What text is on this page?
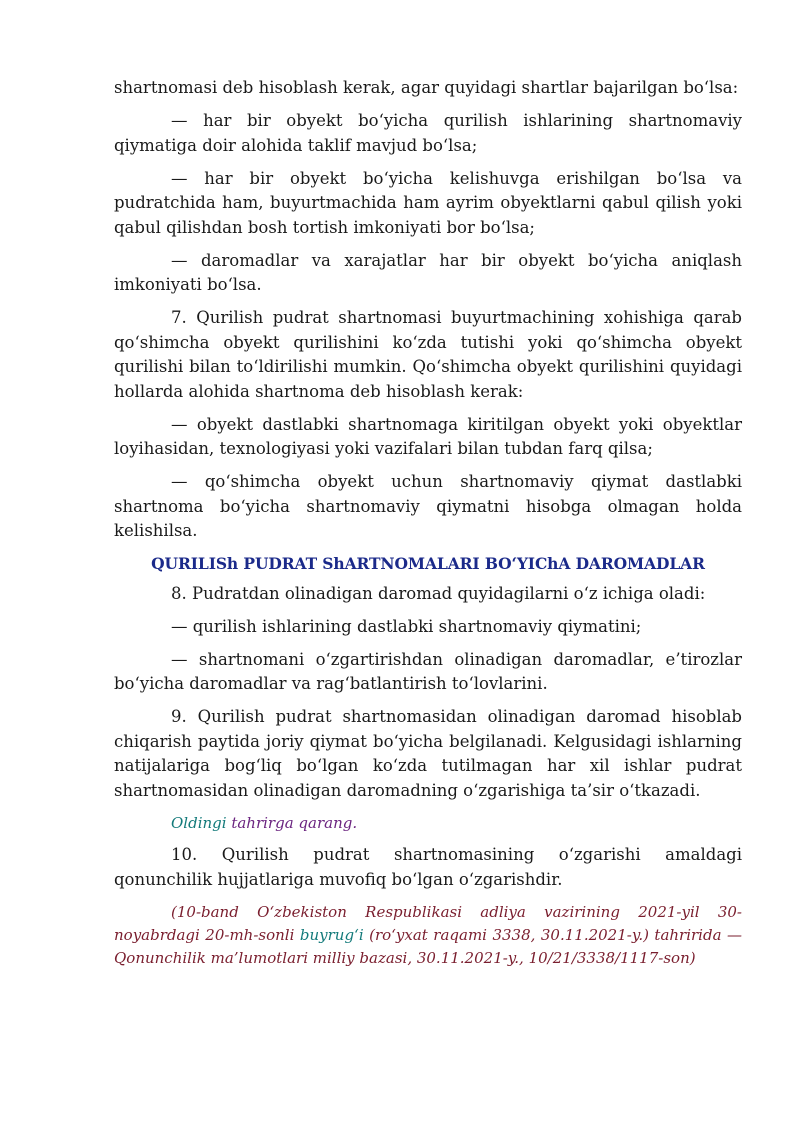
shartnomasi deb hisoblash kerak, agar quyidagi shartlar bajarilgan bo‘lsa:

— har bir obyekt bo‘yicha qurilish ishlarining shartnomaviy qiymatiga doir alohida taklif mavjud bo‘lsa;

— har bir obyekt bo‘yicha kelishuvga erishilgan bo‘lsa va pudratchida ham, buyurtmachida ham ayrim obyektlarni qabul qilish yoki qabul qilishdan bosh tortish imkoniyati bor bo‘lsa;

— daromadlar va xarajatlar har bir obyekt bo‘yicha aniqlash imkoniyati bo‘lsa.

7. Qurilish pudrat shartnomasi buyurtmachining xohishiga qarab qo‘shimcha obyekt qurilishini ko‘zda tutishi yoki qo‘shimcha obyekt qurilishi bilan to‘ldirilishi mumkin. Qo‘shimcha obyekt qurilishini quyidagi hollarda alohida shartnoma deb hisoblash kerak:

— obyekt dastlabki shartnomaga kiritilgan obyekt yoki obyektlar loyihasidan, texnologiyasi yoki vazifalari bilan tubdan farq qilsa;

— qo‘shimcha obyekt uchun shartnomaviy qiymat dastlabki shartnoma bo‘yicha shartnomaviy qiymatni hisobga olmagan holda kelishilsa.

QURILISh PUDRAT ShARTNOMALARI BO‘YIChA DAROMADLAR

8. Pudratdan olinadigan daromad quyidagilarni o‘z ichiga oladi:

— qurilish ishlarining dastlabki shartnomaviy qiymatini;

— shartnomani o‘zgartirishdan olinadigan daromadlar, e’tirozlar bo‘yicha daromadlar va rag‘batlantirish to‘lovlarini.

9. Qurilish pudrat shartnomasidan olinadigan daromad hisoblab chiqarish paytida joriy qiymat bo‘yicha belgilanadi. Kelgusidagi ishlarning natijalariga bog‘liq bo‘lgan ko‘zda tutilmagan har xil ishlar pudrat shartnomasidan olinadigan daromadning o‘zgarishiga ta’sir o‘tkazadi.

Oldingi tahrirga qarang.

10. Qurilish pudrat shartnomasining o‘zgarishi amaldagi qonunchilik hujjatlariga muvofiq bo‘lgan o‘zgarishdir.

(10-band O‘zbekiston Respublikasi adliya vazirining 2021-yil 30-noyabrdagi 20-mh-sonli buyrug‘i (ro‘yxat raqami 3338, 30.11.2021-y.) tahririda — Qonunchilik ma’lumotlari milliy bazasi, 30.11.2021-y., 10/21/3338/1117-son)
